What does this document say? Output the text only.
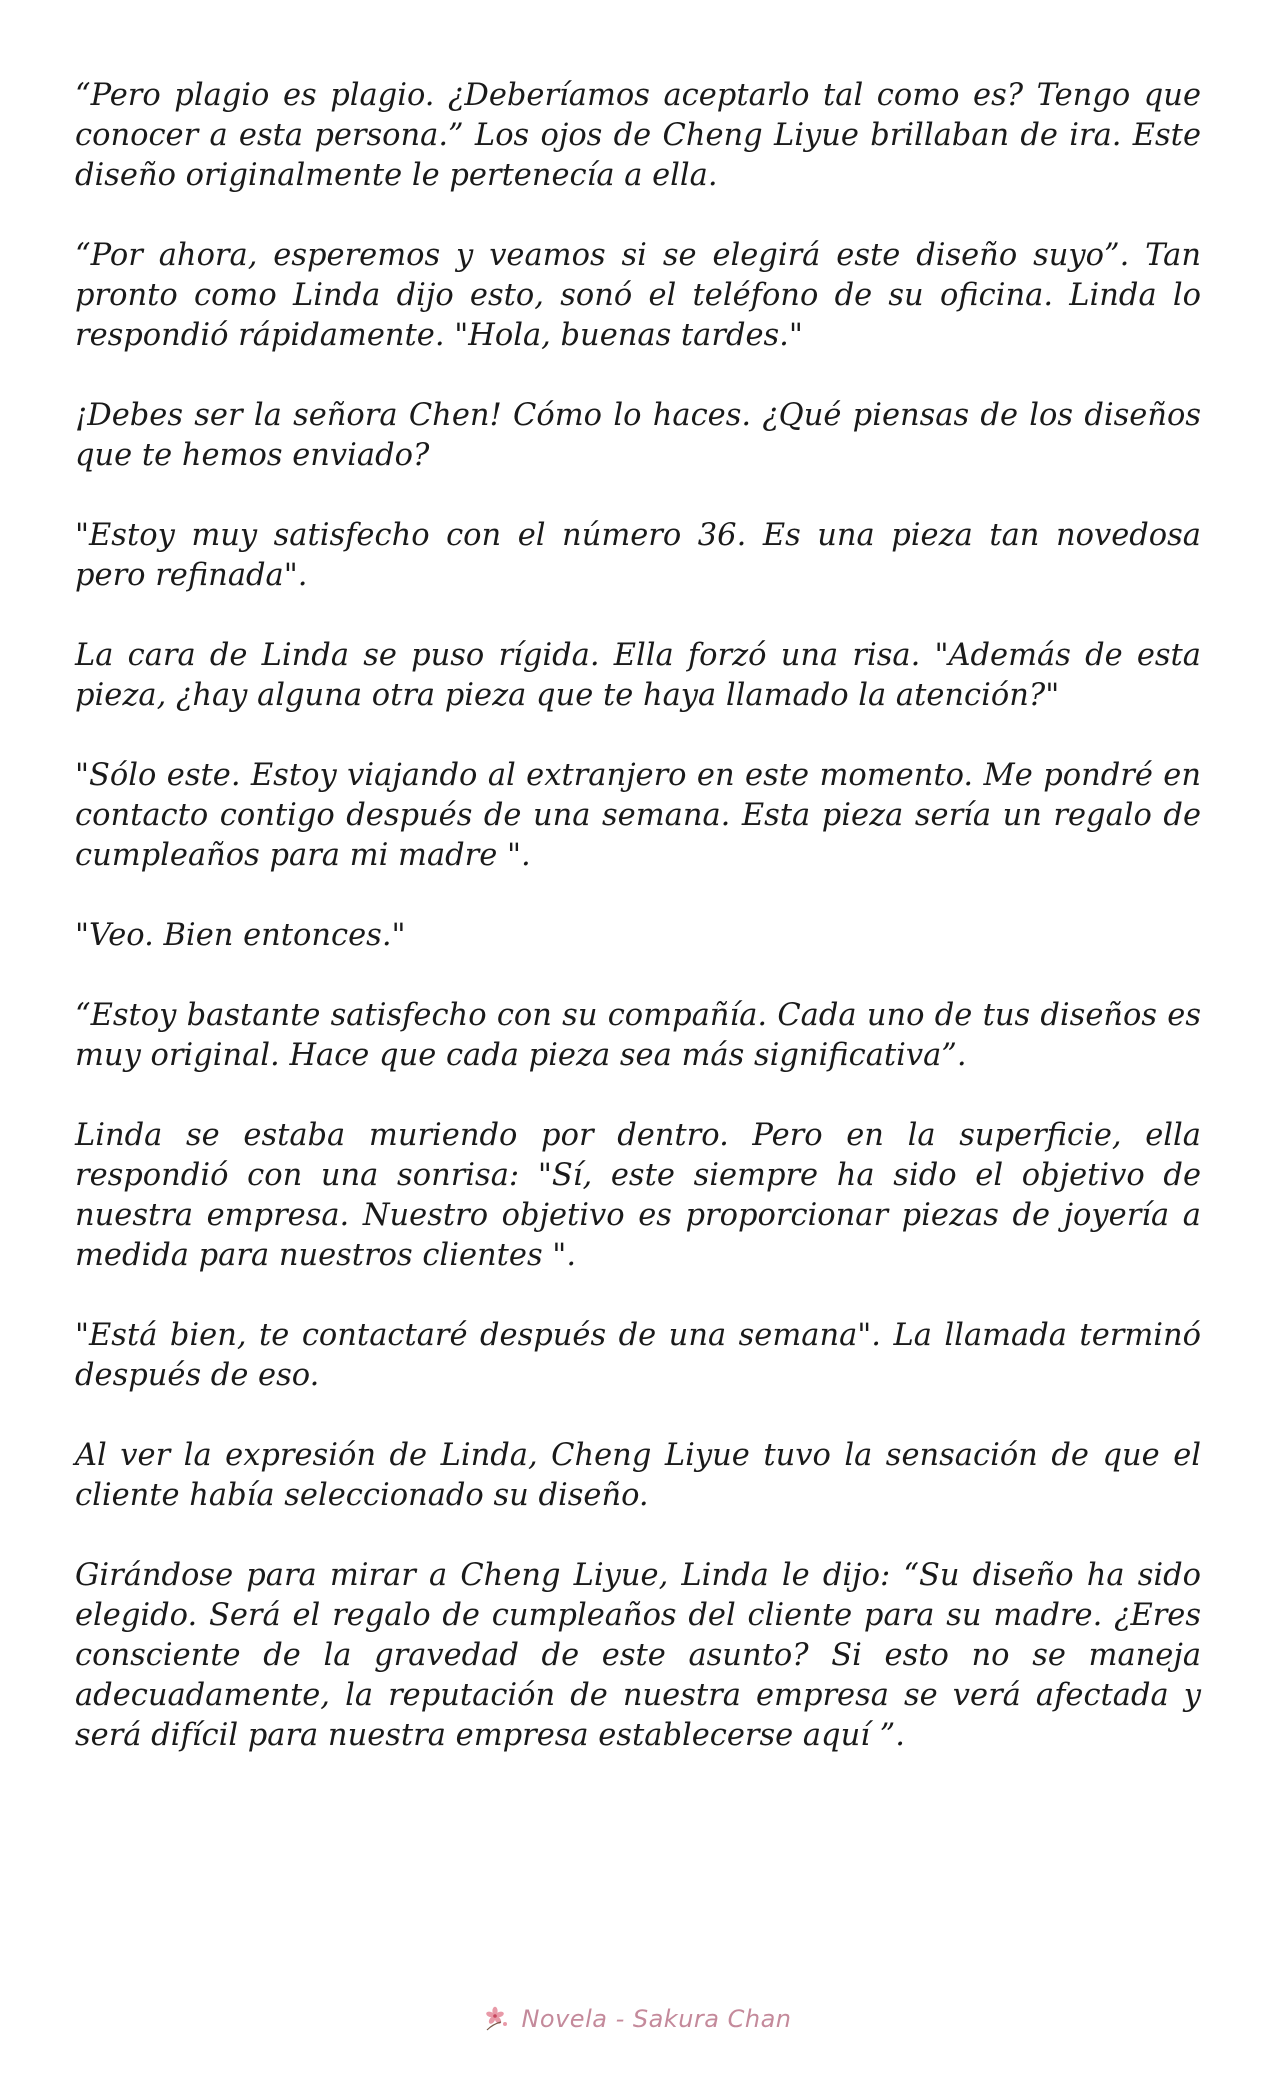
“Pero plagio es plagio. ¿Deberíamos aceptarlo tal como es? Tengo que conocer a esta persona.” Los ojos de Cheng Liyue brillaban de ira. Este diseño originalmente le pertenecía a ella.

“Por ahora, esperemos y veamos si se elegirá este diseño suyo”. Tan pronto como Linda dijo esto, sonó el teléfono de su oficina. Linda lo respondió rápidamente. "Hola, buenas tardes."

¡Debes ser la señora Chen! Cómo lo haces. ¿Qué piensas de los diseños que te hemos enviado?

"Estoy muy satisfecho con el número 36. Es una pieza tan novedosa pero refinada".

La cara de Linda se puso rígida. Ella forzó una risa. "Además de esta pieza, ¿hay alguna otra pieza que te haya llamado la atención?"

"Sólo este. Estoy viajando al extranjero en este momento. Me pondré en contacto contigo después de una semana. Esta pieza sería un regalo de cumpleaños para mi madre ".

"Veo. Bien entonces."

“Estoy bastante satisfecho con su compañía. Cada uno de tus diseños es muy original. Hace que cada pieza sea más significativa”.

Linda se estaba muriendo por dentro. Pero en la superficie, ella respondió con una sonrisa: "Sí, este siempre ha sido el objetivo de nuestra empresa. Nuestro objetivo es proporcionar piezas de joyería a medida para nuestros clientes ".

"Está bien, te contactaré después de una semana". La llamada terminó después de eso.

Al ver la expresión de Linda, Cheng Liyue tuvo la sensación de que el cliente había seleccionado su diseño.

Girándose para mirar a Cheng Liyue, Linda le dijo: “Su diseño ha sido elegido. Será el regalo de cumpleaños del cliente para su madre. ¿Eres consciente de la gravedad de este asunto? Si esto no se maneja adecuadamente, la reputación de nuestra empresa se verá afectada y será difícil para nuestra empresa establecerse aquí ”.

Novela - Sakura Chan
